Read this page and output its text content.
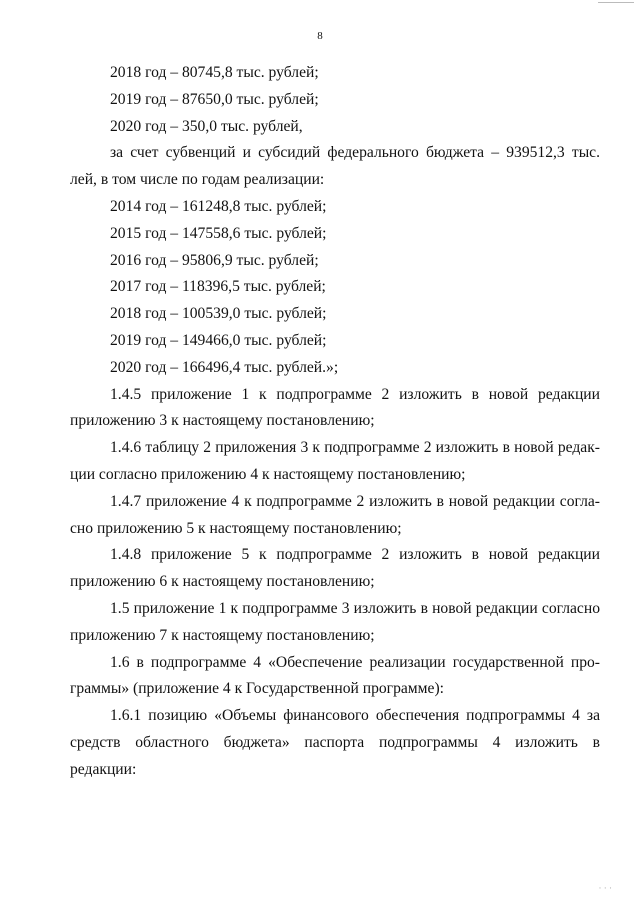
8
2018 год – 80745,8 тыс. рублей;
2019 год – 87650,0 тыс. рублей;
2020 год – 350,0 тыс. рублей,
за счет субвенций и субсидий федерального бюджета – 939512,3 тыс.
лей, в том числе по годам реализации:
2014 год – 161248,8 тыс. рублей;
2015 год – 147558,6 тыс. рублей;
2016 год – 95806,9 тыс. рублей;
2017 год – 118396,5 тыс. рублей;
2018 год – 100539,0 тыс. рублей;
2019 год – 149466,0 тыс. рублей;
2020 год – 166496,4 тыс. рублей.»;
1.4.5 приложение 1 к подпрограмме 2 изложить в новой редакции
приложению 3 к настоящему постановлению;
1.4.6 таблицу 2 приложения 3 к подпрограмме 2 изложить в новой редак-
ции согласно приложению 4 к настоящему постановлению;
1.4.7 приложение 4 к подпрограмме 2 изложить в новой редакции согла-
сно приложению 5 к настоящему постановлению;
1.4.8 приложение 5 к подпрограмме 2 изложить в новой редакции
приложению 6 к настоящему постановлению;
1.5 приложение 1 к подпрограмме 3 изложить в новой редакции согласно
приложению 7 к настоящему постановлению;
1.6 в подпрограмме 4 «Обеспечение реализации государственной про-
граммы» (приложение 4 к Государственной программе):
1.6.1 позицию «Объемы финансового обеспечения подпрограммы 4 за
средств областного бюджета» паспорта подпрограммы 4 изложить в
редакции:
· · ·
